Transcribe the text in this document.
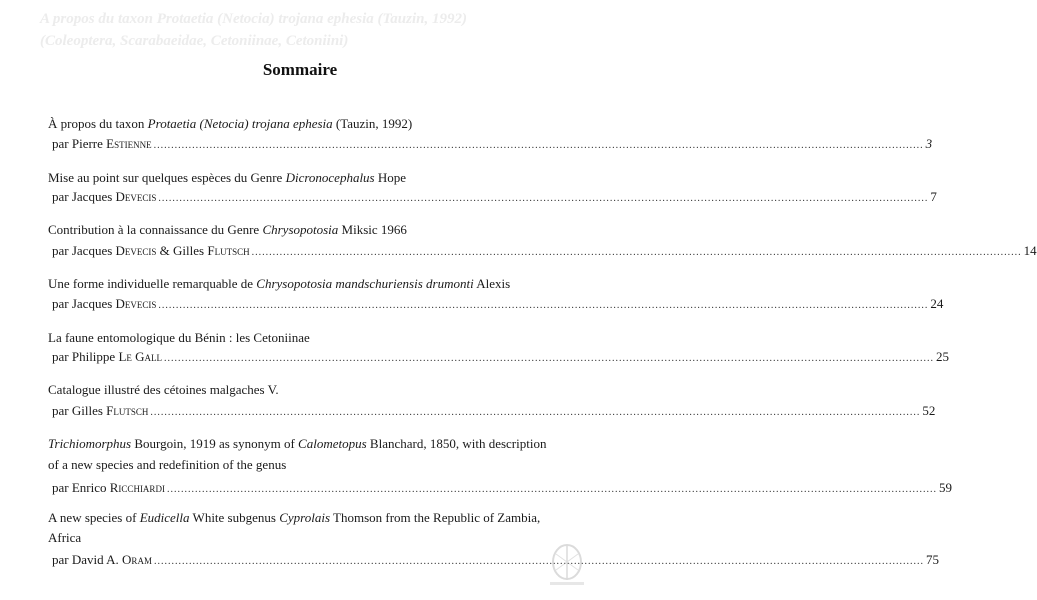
A propos du taxon Protaetia (Netocia) trojana ephesia (Tauzin, 1992)
(Coleoptera, Scarabaeidae, Cetoniinae, Cetoniini)
Sommaire
À propos du taxon Protaetia (Netocia) trojana ephesia (Tauzin, 1992)
par Pierre Estienne ............................................................................................................................................................................................................................ 3
Mise au point sur quelques espèces du Genre Dicronocephalus Hope
par Jacques Devecis ............................................................................................................................................................................................................................ 7
Contribution à la connaissance du Genre Chrysopotosia Miksic 1966
par Jacques Devecis & Gilles Flutsch ............................................................................................................................................................................................................................ 14
Une forme individuelle remarquable de Chrysopotosia mandschuriensis drumonti Alexis
par Jacques Devecis ............................................................................................................................................................................................................................ 24
La faune entomologique du Bénin : les Cetoniinae
par Philippe Le Gall ............................................................................................................................................................................................................................ 25
Catalogue illustré des cétoines malgaches V.
par Gilles Flutsch ............................................................................................................................................................................................................................ 52
Trichiomorphus Bourgoin, 1919 as synonym of Calometopus Blanchard, 1850, with description
of a new species and redefinition of the genus
par Enrico Ricchiardi ............................................................................................................................................................................................................................ 59
A new species of Eudicella White subgenus Cyprolais Thomson from the Republic of Zambia,
Africa
par David A. Oram ............................................................................................................................................................................................................................ 75
